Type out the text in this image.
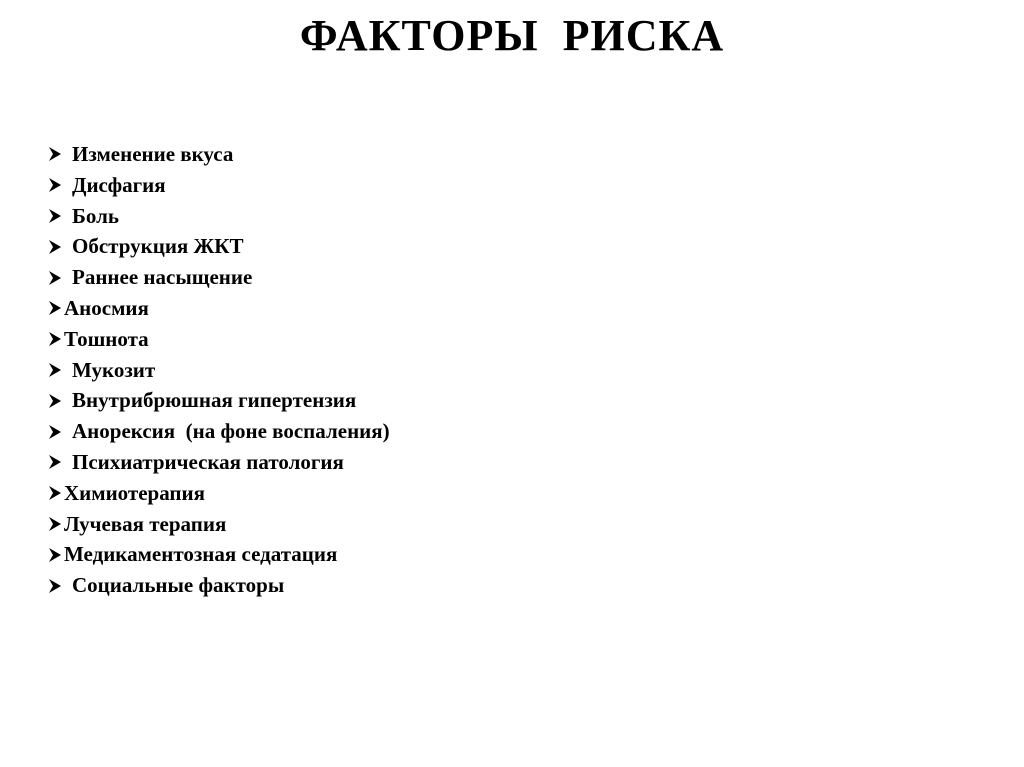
ФАКТОРЫ  РИСКА
Изменение вкуса
Дисфагия
Боль
Обструкция ЖКТ
Раннее насыщение
Аносмия
Тошнота
Мукозит
Внутрибрюшная гипертензия
Анорексия  (на фоне воспаления)
Психиатрическая патология
Химиотерапия
Лучевая терапия
Медикаментозная седатация
Социальные факторы
